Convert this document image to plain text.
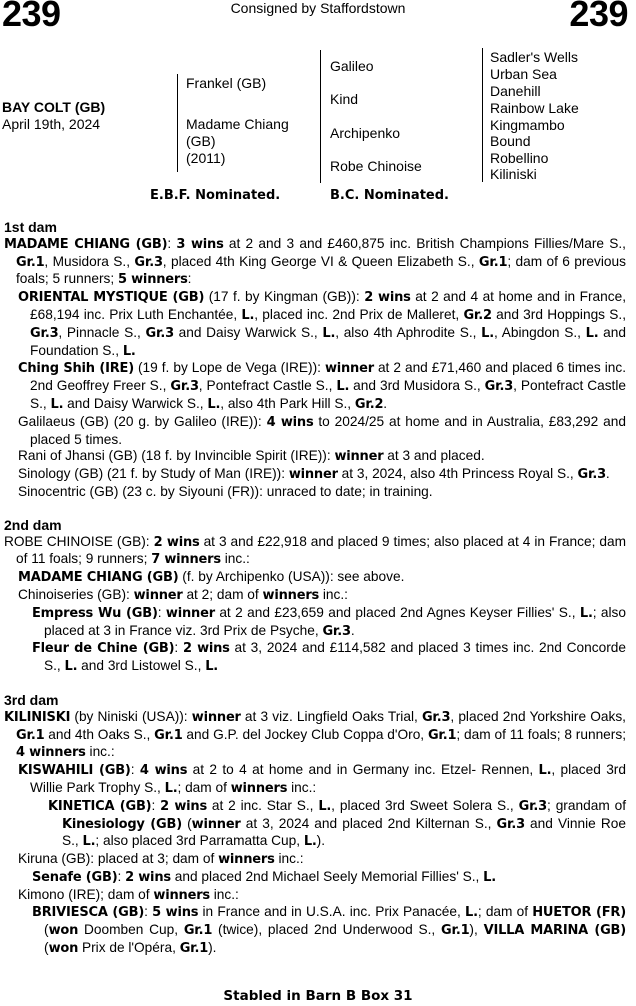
239	239
Consigned by Staffordstown
BAY COLT (GB)
April 19th, 2024
Frankel (GB)
Madame Chiang
(GB)
(2011)
Galileo
Kind
Archipenko
Robe Chinoise
Sadler's Wells
Urban Sea
Danehill
Rainbow Lake
Kingmambo
Bound
Robellino
Kiliniski
E.B.F. Nominated.	B.C. Nominated.

1st dam

MADAME CHIANG (GB): 3 wins at 2 and 3 and £460,875 inc. British Champions Fillies/Mare S., Gr.1, Musidora S., Gr.3, placed 4th King George VI & Queen Elizabeth S., Gr.1; dam of 6 previous foals; 5 runners; 5 winners:

ORIENTAL MYSTIQUE (GB) (17 f. by Kingman (GB)): 2 wins at 2 and 4 at home and in France, £68,194 inc. Prix Luth Enchantée, L., placed inc. 2nd Prix de Malleret, Gr.2 and 3rd Hoppings S., Gr.3, Pinnacle S., Gr.3 and Daisy Warwick S., L., also 4th Aphrodite S., L., Abingdon S., L. and Foundation S., L.

Ching Shih (IRE) (19 f. by Lope de Vega (IRE)): winner at 2 and £71,460 and placed 6 times inc. 2nd Geoffrey Freer S., Gr.3, Pontefract Castle S., L. and 3rd Musidora S., Gr.3, Pontefract Castle S., L. and Daisy Warwick S., L., also 4th Park Hill S., Gr.2.

Galilaeus (GB) (20 g. by Galileo (IRE)): 4 wins to 2024/25 at home and in Australia, £83,292 and placed 5 times.

Rani of Jhansi (GB) (18 f. by Invincible Spirit (IRE)): winner at 3 and placed.

Sinology (GB) (21 f. by Study of Man (IRE)): winner at 3, 2024, also 4th Princess Royal S., Gr.3.

Sinocentric (GB) (23 c. by Siyouni (FR)): unraced to date; in training.

2nd dam

ROBE CHINOISE (GB): 2 wins at 3 and £22,918 and placed 9 times; also placed at 4 in France; dam of 11 foals; 9 runners; 7 winners inc.:

MADAME CHIANG (GB) (f. by Archipenko (USA)): see above.

Chinoiseries (GB): winner at 2; dam of winners inc.:

Empress Wu (GB): winner at 2 and £23,659 and placed 2nd Agnes Keyser Fillies' S., L.; also placed at 3 in France viz. 3rd Prix de Psyche, Gr.3.

Fleur de Chine (GB): 2 wins at 3, 2024 and £114,582 and placed 3 times inc. 2nd Concorde S., L. and 3rd Listowel S., L.

3rd dam

KILINISKI (by Niniski (USA)): winner at 3 viz. Lingfield Oaks Trial, Gr.3, placed 2nd Yorkshire Oaks, Gr.1 and 4th Oaks S., Gr.1 and G.P. del Jockey Club Coppa d'Oro, Gr.1; dam of 11 foals; 8 runners; 4 winners inc.:

KISWAHILI (GB): 4 wins at 2 to 4 at home and in Germany inc. Etzel- Rennen, L., placed 3rd Willie Park Trophy S., L.; dam of winners inc.:

KINETICA (GB): 2 wins at 2 inc. Star S., L., placed 3rd Sweet Solera S., Gr.3; grandam of Kinesiology (GB) (winner at 3, 2024 and placed 2nd Kilternan S., Gr.3 and Vinnie Roe S., L.; also placed 3rd Parramatta Cup, L.).

Kiruna (GB): placed at 3; dam of winners inc.:

Senafe (GB): 2 wins and placed 2nd Michael Seely Memorial Fillies' S., L.

Kimono (IRE); dam of winners inc.:

BRIVIESCA (GB): 5 wins in France and in U.S.A. inc. Prix Panacée, L.; dam of HUETOR (FR) (won Doomben Cup, Gr.1 (twice), placed 2nd Underwood S., Gr.1), VILLA MARINA (GB) (won Prix de l'Opéra, Gr.1).

Stabled in Barn B Box 31
